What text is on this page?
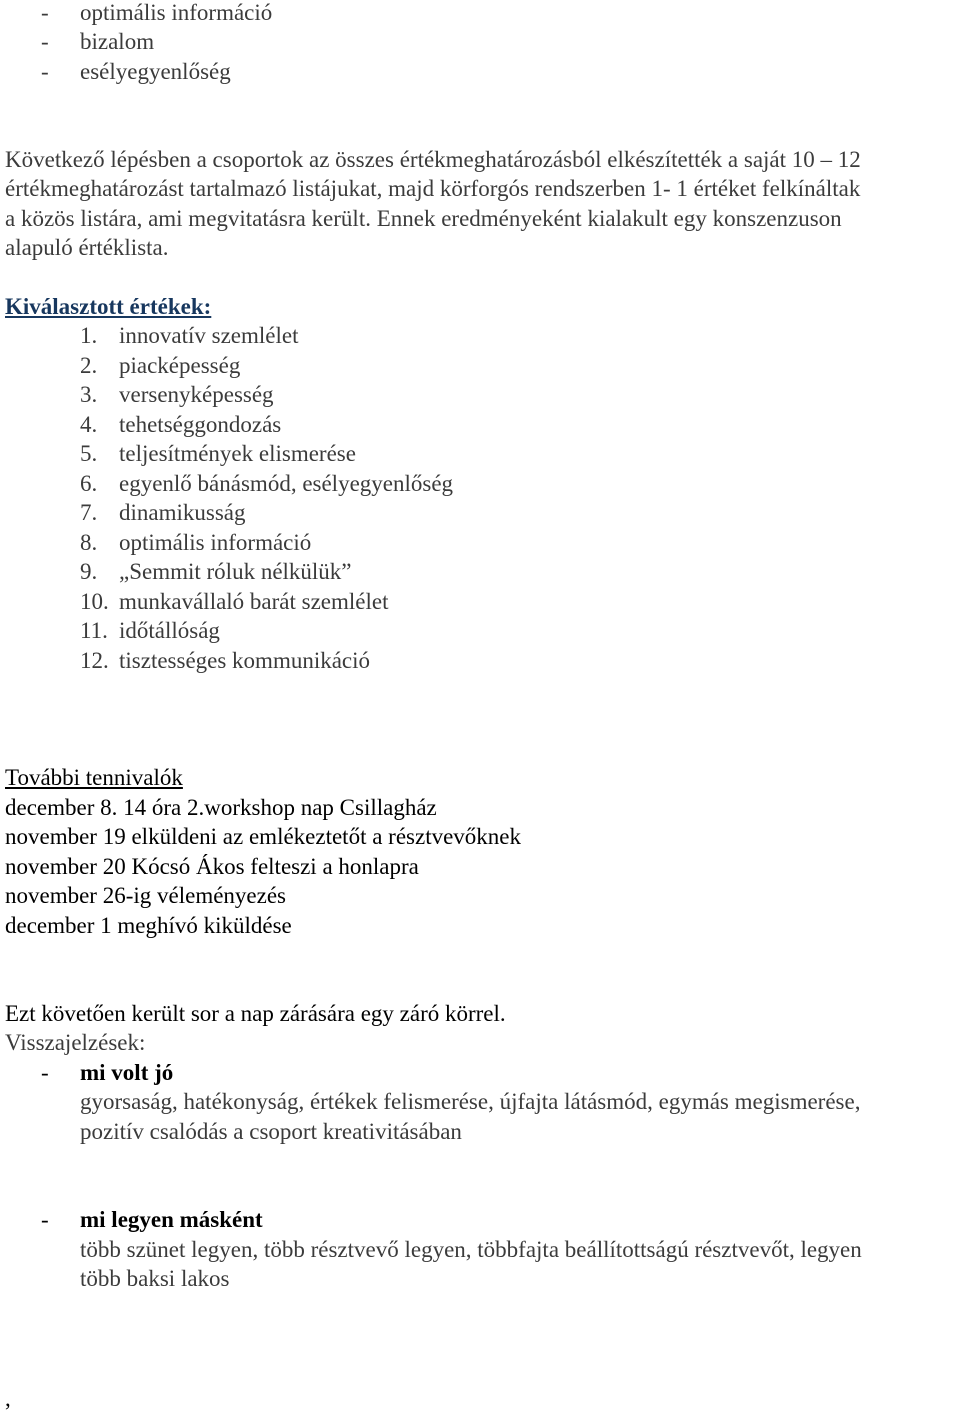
- optimális információ
- bizalom
- esélyegyenlőség

Következő lépésben a csoportok az összes értékmeghatározásból elkészítették a saját 10 – 12

értékmeghatározást tartalmazó listájukat, majd körforgós rendszerben 1- 1 értéket felkínáltak

a közös listára, ami megvitatásra került. Ennek eredményeként kialakult egy konszenzuson

alapuló értéklista.

Kiválasztott értékek:
1. innovatív szemlélet
2. piacképesség
3. versenyképesség
4. tehetséggondozás
5. teljesítmények elismerése
6. egyenlő bánásmód, esélyegyenlőség
7. dinamikusság
8. optimális információ
9. „Semmit róluk nélkülük”
10. munkavállaló barát szemlélet
11. időtállóság
12. tisztességes kommunikáció
További tennivalók

december 8. 14 óra 2.workshop nap Csillagház

november 19 elküldeni az emlékeztetőt a résztvevőknek

november 20 Kócsó Ákos felteszi a honlapra

november 26-ig véleményezés

december 1 meghívó kiküldése

Ezt követően került sor a nap zárására egy záró körrel.

Visszajelzések:

- mi volt jó

gyorsaság, hatékonyság, értékek felismerése, újfajta látásmód, egymás megismerése,

pozitív csalódás a csoport kreativitásában

- mi legyen másként

több szünet legyen, több résztvevő legyen, többfajta beállítottságú résztvevőt, legyen

több baksi lakos

,
